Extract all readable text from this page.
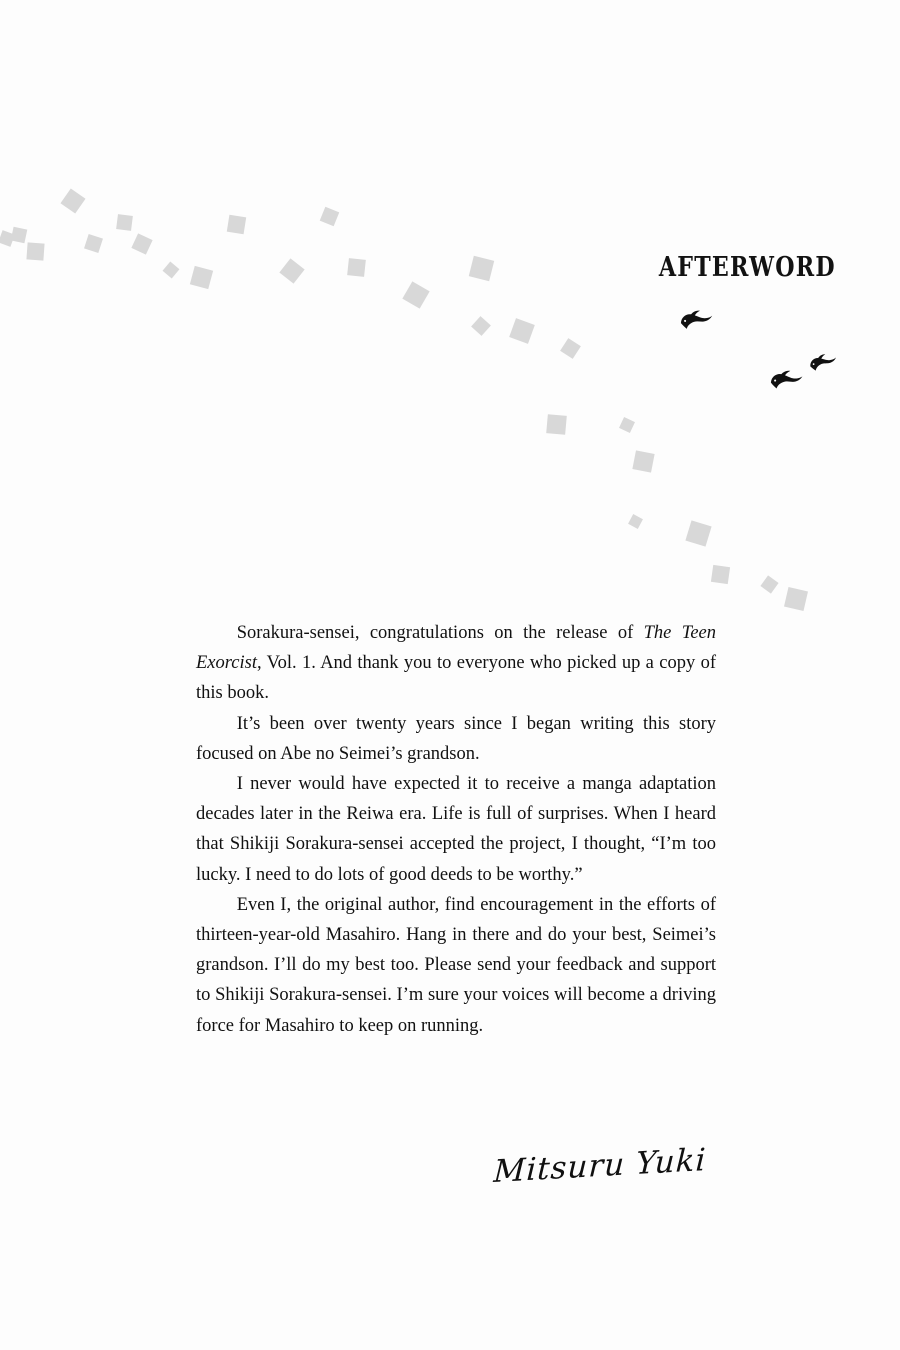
AFTERWORD

Sorakura-sensei, congratulations on the release of The Teen Exorcist, Vol. 1. And thank you to everyone who picked up a copy of this book.

It’s been over twenty years since I began writing this story focused on Abe no Seimei’s grandson.

I never would have expected it to receive a manga adaptation decades later in the Reiwa era. Life is full of surprises. When I heard that Shikiji Sorakura-sensei accepted the project, I thought, “I’m too lucky. I need to do lots of good deeds to be worthy.”

Even I, the original author, find encouragement in the efforts of thirteen-year-old Masahiro. Hang in there and do your best, Seimei’s grandson. I’ll do my best too. Please send your feedback and support to Shikiji Sorakura-sensei. I’m sure your voices will become a driving force for Masahiro to keep on running.

Mitsuru Yuki
